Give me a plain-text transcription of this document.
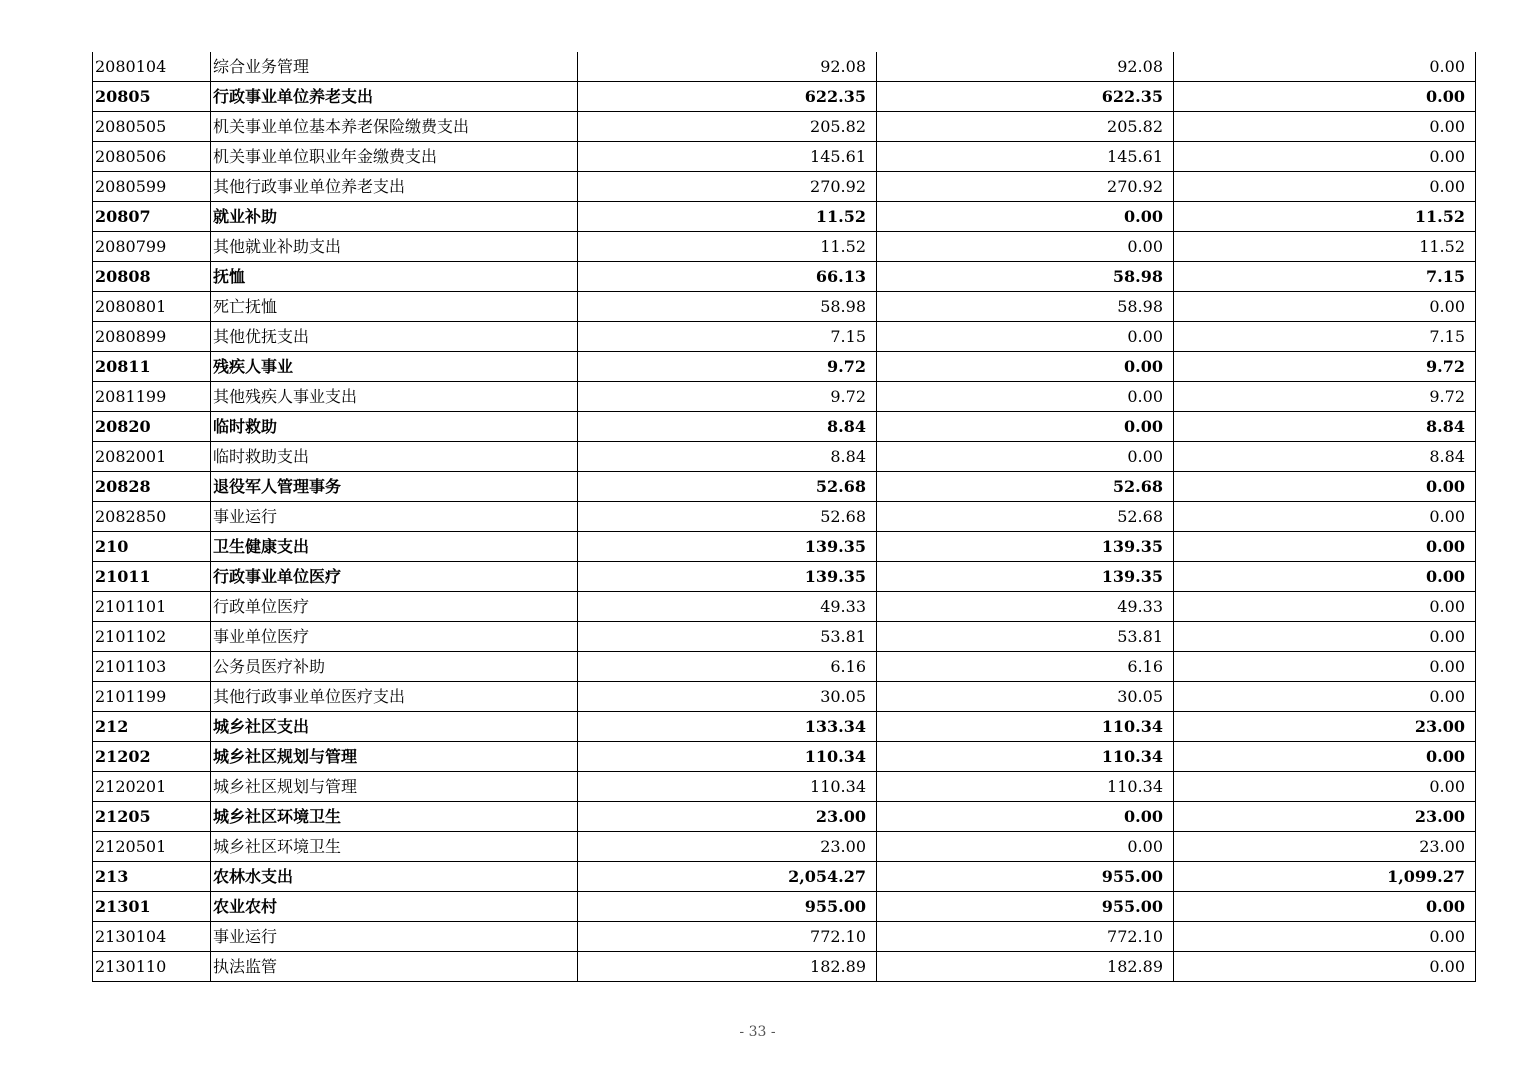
2080104	综合业务管理	92.08	92.08	0.00
20805	行政事业单位养老支出	622.35	622.35	0.00
2080505	机关事业单位基本养老保险缴费支出	205.82	205.82	0.00
2080506	机关事业单位职业年金缴费支出	145.61	145.61	0.00
2080599	其他行政事业单位养老支出	270.92	270.92	0.00
20807	就业补助	11.52	0.00	11.52
2080799	其他就业补助支出	11.52	0.00	11.52
20808	抚恤	66.13	58.98	7.15
2080801	死亡抚恤	58.98	58.98	0.00
2080899	其他优抚支出	7.15	0.00	7.15
20811	残疾人事业	9.72	0.00	9.72
2081199	其他残疾人事业支出	9.72	0.00	9.72
20820	临时救助	8.84	0.00	8.84
2082001	临时救助支出	8.84	0.00	8.84
20828	退役军人管理事务	52.68	52.68	0.00
2082850	事业运行	52.68	52.68	0.00
210	卫生健康支出	139.35	139.35	0.00
21011	行政事业单位医疗	139.35	139.35	0.00
2101101	行政单位医疗	49.33	49.33	0.00
2101102	事业单位医疗	53.81	53.81	0.00
2101103	公务员医疗补助	6.16	6.16	0.00
2101199	其他行政事业单位医疗支出	30.05	30.05	0.00
212	城乡社区支出	133.34	110.34	23.00
21202	城乡社区规划与管理	110.34	110.34	0.00
2120201	城乡社区规划与管理	110.34	110.34	0.00
21205	城乡社区环境卫生	23.00	0.00	23.00
2120501	城乡社区环境卫生	23.00	0.00	23.00
213	农林水支出	2,054.27	955.00	1,099.27
21301	农业农村	955.00	955.00	0.00
2130104	事业运行	772.10	772.10	0.00
2130110	执法监管	182.89	182.89	0.00
- 33 -
